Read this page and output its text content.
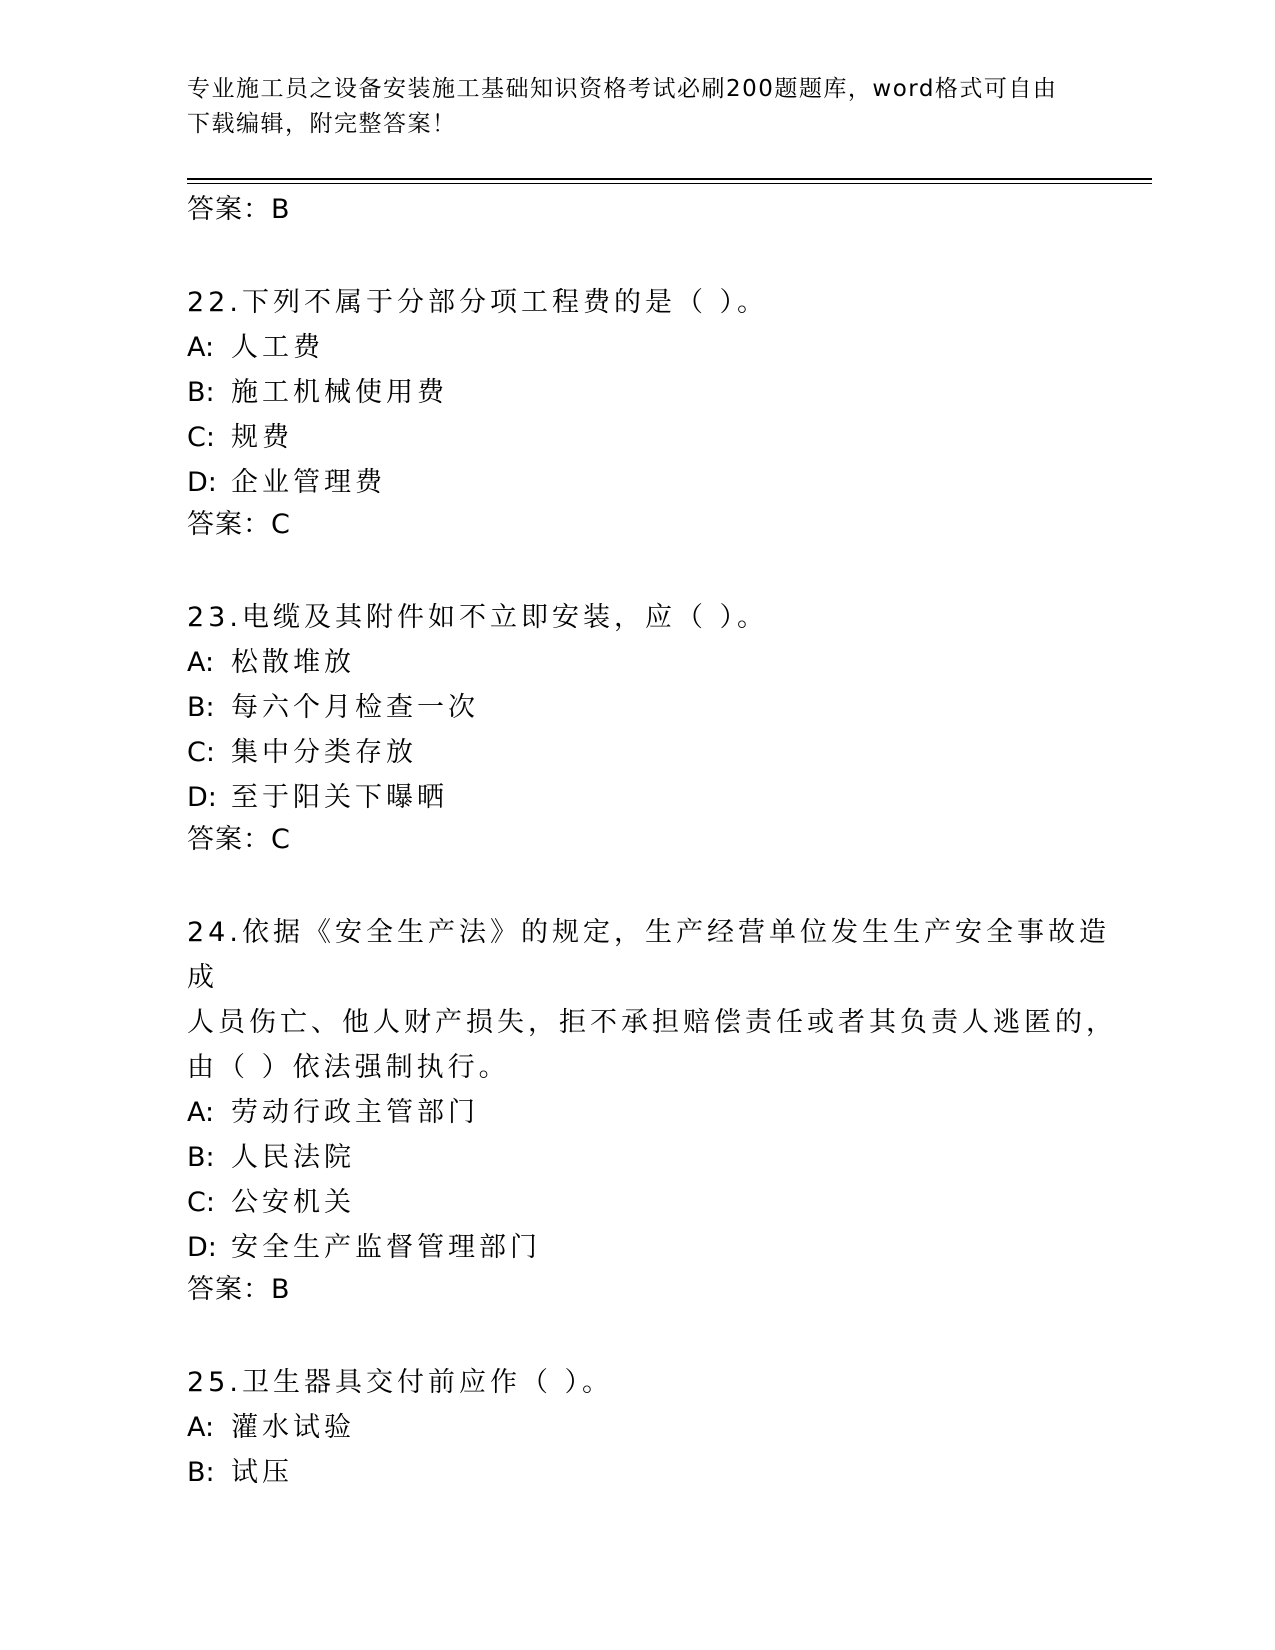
专业施工员之设备安装施工基础知识资格考试必刷200题题库，word格式可自由
下载编辑，附完整答案！
答案：B
22.下列不属于分部分项工程费的是（ ）。
A: 人工费
B: 施工机械使用费
C: 规费
D: 企业管理费
答案：C
23.电缆及其附件如不立即安装，应（ ）。
A: 松散堆放
B: 每六个月检查一次
C: 集中分类存放
D: 至于阳关下曝晒
答案：C
24.依据《安全生产法》的规定，生产经营单位发生生产安全事故造成
人员伤亡、他人财产损失，拒不承担赔偿责任或者其负责人逃匿的，
由（ ）依法强制执行。
A: 劳动行政主管部门
B: 人民法院
C: 公安机关
D: 安全生产监督管理部门
答案：B
25.卫生器具交付前应作（ ）。
A: 灌水试验
B: 试压
